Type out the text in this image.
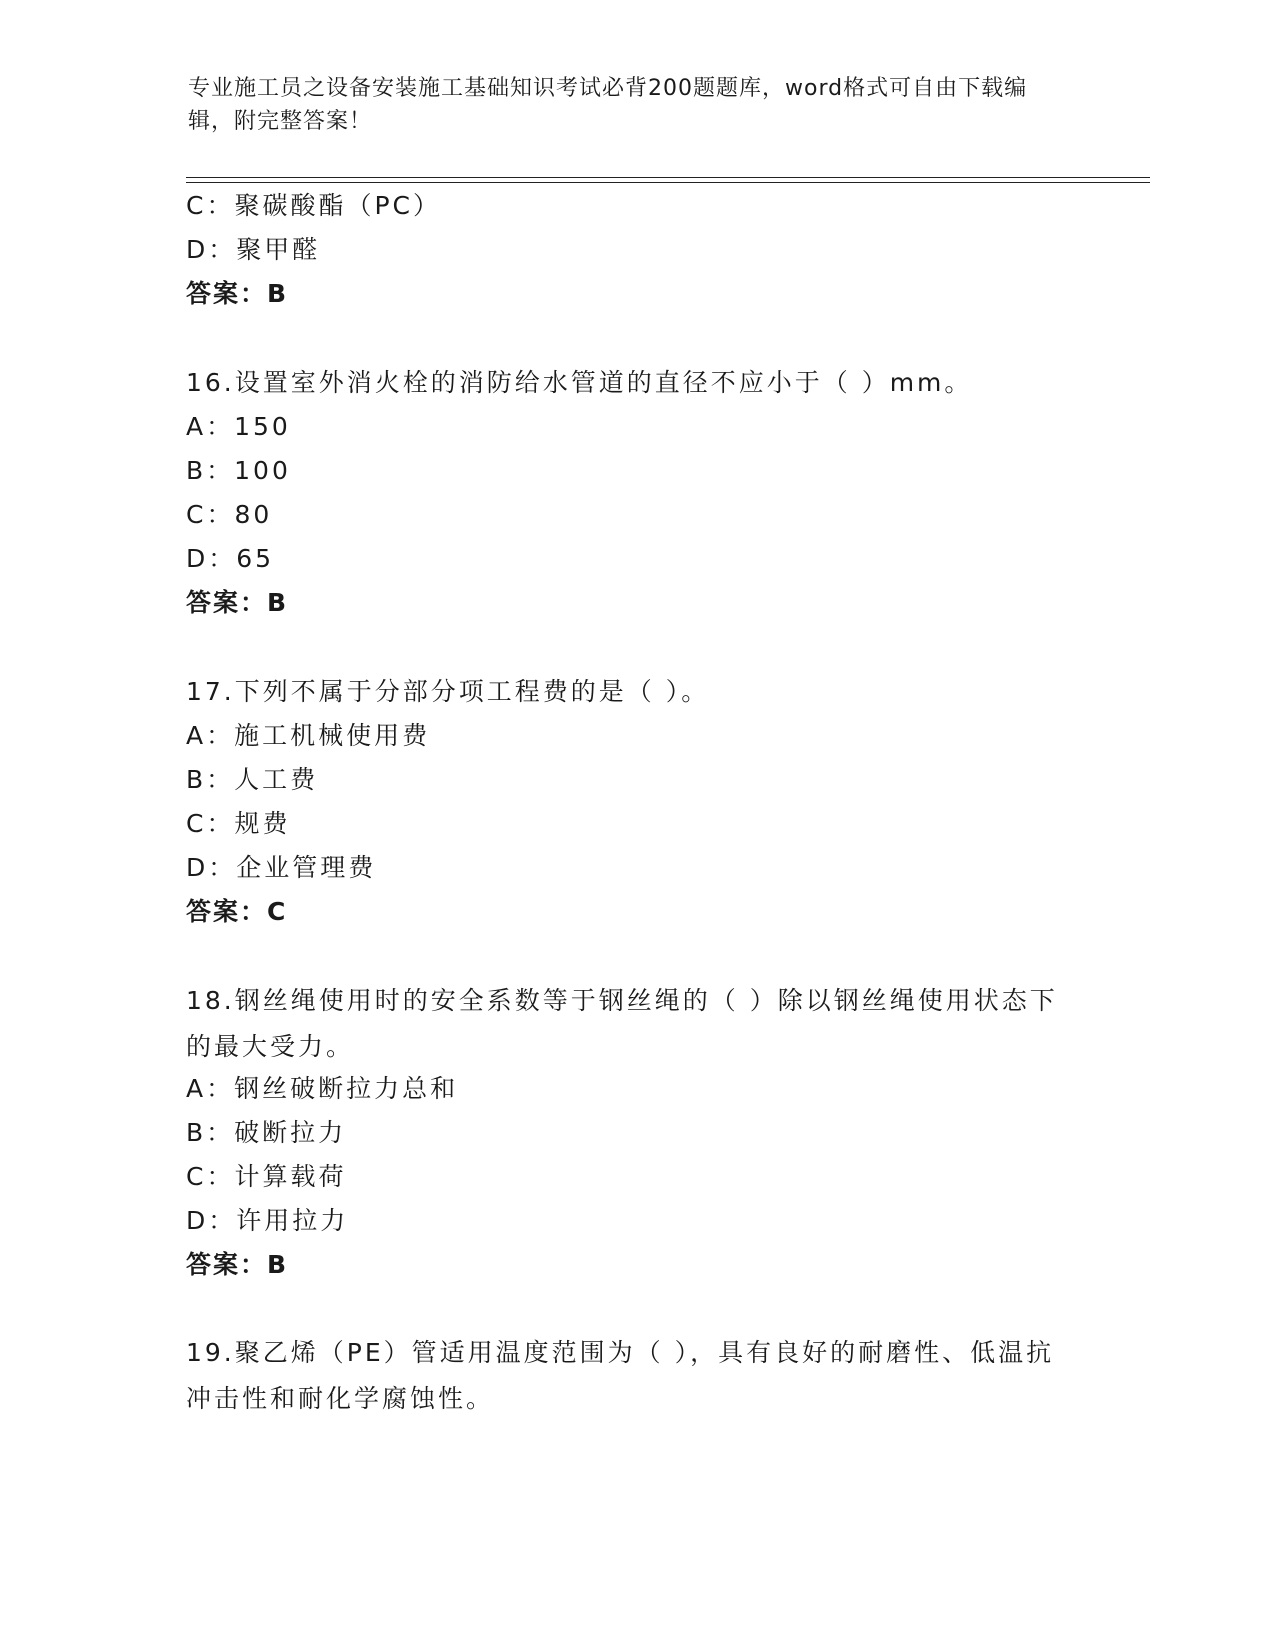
专业施工员之设备安装施工基础知识考试必背200题题库，word格式可自由下载编辑，附完整答案！
C：聚碳酸酯（PC）
D：聚甲醛
答案：B
16.设置室外消火栓的消防给水管道的直径不应小于（ ）mm。
A：150
B：100
C：80
D：65
答案：B
17.下列不属于分部分项工程费的是（ ）。
A：施工机械使用费
B：人工费
C：规费
D：企业管理费
答案：C
18.钢丝绳使用时的安全系数等于钢丝绳的（ ）除以钢丝绳使用状态下的最大受力。
A：钢丝破断拉力总和
B：破断拉力
C：计算载荷
D：许用拉力
答案：B
19.聚乙烯（PE）管适用温度范围为（ ），具有良好的耐磨性、低温抗冲击性和耐化学腐蚀性。
